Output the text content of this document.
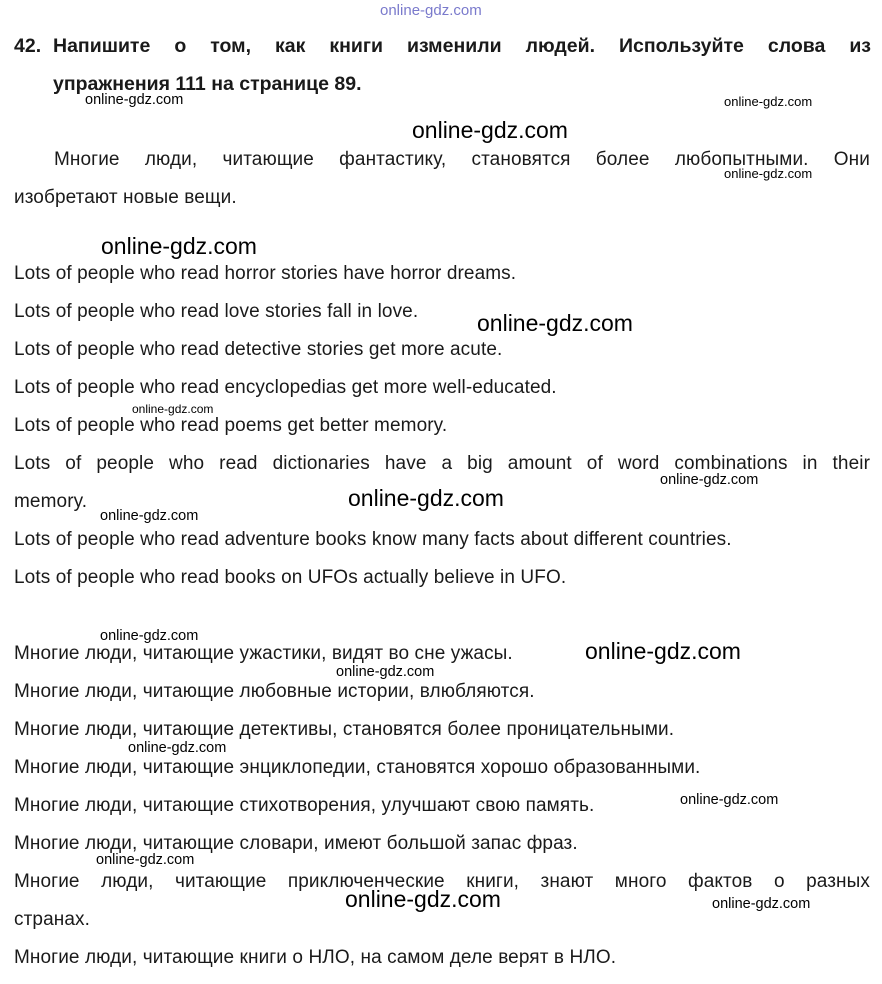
online-gdz.com
42. Напишите о том, как книги изменили людей. Используйте слова из
упражнения 111 на странице 89.
Многие люди, читающие фантастику, становятся более любопытными. Они
изобретают новые вещи.
Lots of people who read horror stories have horror dreams.
Lots of people who read love stories fall in love.
Lots of people who read detective stories get more acute.
Lots of people who read encyclopedias get more well-educated.
Lots of people who read poems get better memory.
Lots of people who read dictionaries have a big amount of word combinations in their
memory.
Lots of people who read adventure books know many facts about different countries.
Lots of people who read books on UFOs actually believe in UFO.
Многие люди, читающие ужастики, видят во сне ужасы.
Многие люди, читающие любовные истории, влюбляются.
Многие люди, читающие детективы, становятся более проницательными.
Многие люди, читающие энциклопедии, становятся хорошо образованными.
Многие люди, читающие стихотворения, улучшают свою память.
Многие люди, читающие словари, имеют большой запас фраз.
Многие люди, читающие приключенческие книги, знают много фактов о разных
странах.
Многие люди, читающие книги о НЛО, на самом деле верят в НЛО.
online-gdz.com	online-gdz.com
online-gdz.com
online-gdz.com
online-gdz.com
online-gdz.com
online-gdz.com
online-gdz.com
online-gdz.com
online-gdz.com
online-gdz.com
online-gdz.com
online-gdz.com
online-gdz.com
online-gdz.com
online-gdz.com
online-gdz.com	online-gdz.com
